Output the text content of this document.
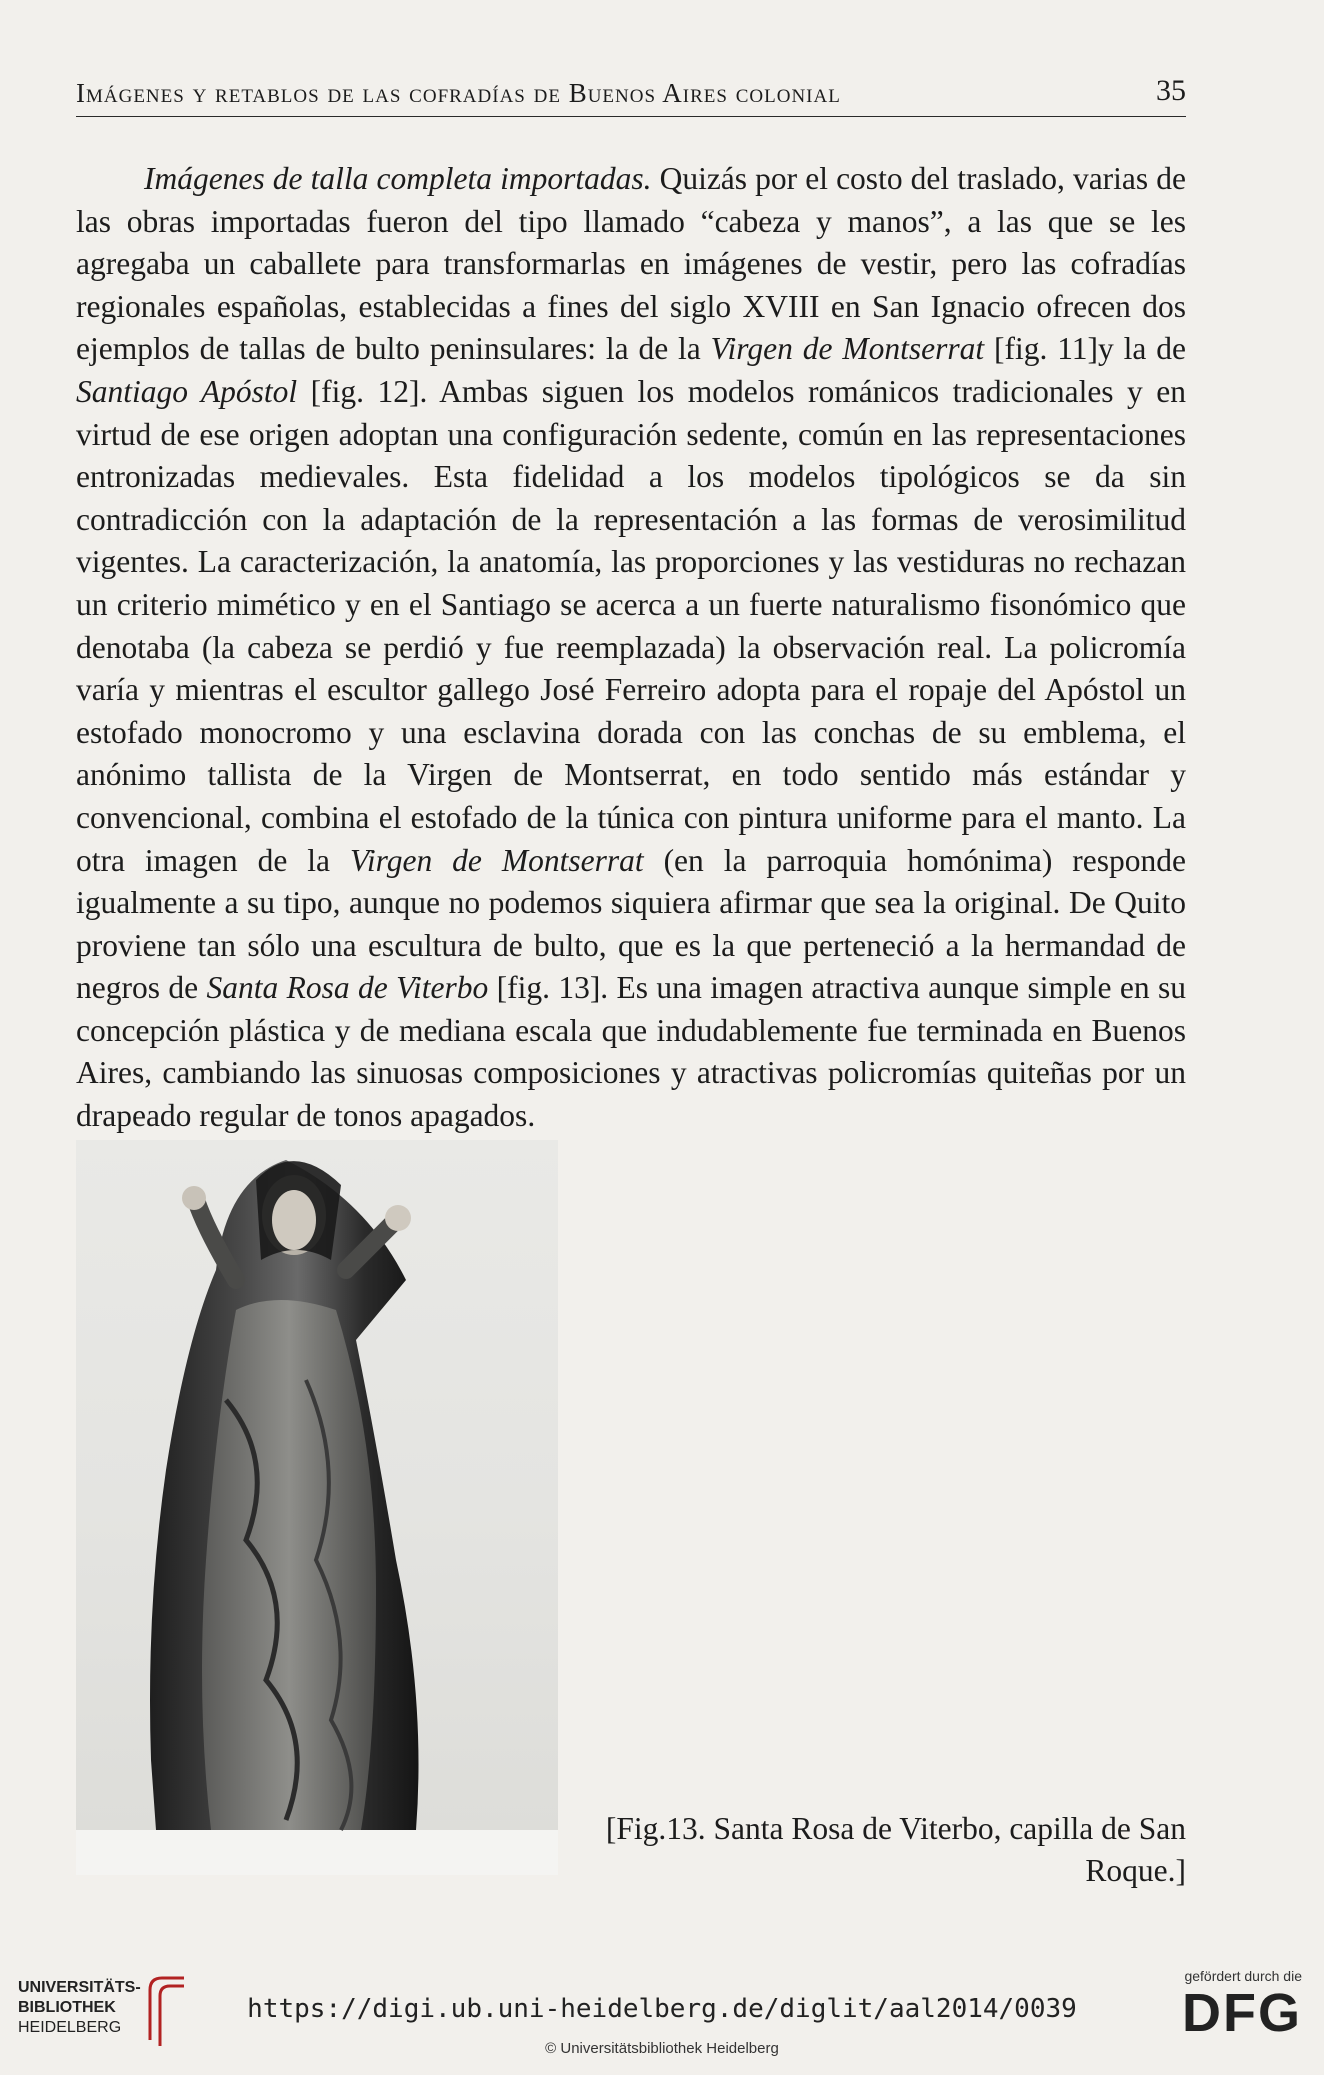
Imágenes y retablos de las cofradías de Buenos Aires colonial	35

Imágenes de talla completa importadas. Quizás por el costo del traslado, varias de las obras importadas fueron del tipo llamado “cabeza y manos”, a las que se les agregaba un caballete para transformarlas en imágenes de vestir, pero las cofradías regionales españolas, establecidas a fines del siglo XVIII en San Ignacio ofrecen dos ejemplos de tallas de bulto peninsulares: la de la Virgen de Montserrat [fig. 11]y la de Santiago Apóstol [fig. 12]. Ambas siguen los modelos románicos tradicionales y en virtud de ese origen adoptan una configuración sedente, común en las representaciones entronizadas medievales. Esta fidelidad a los modelos tipológicos se da sin contradicción con la adaptación de la representación a las formas de verosimilitud vigentes. La caracterización, la anatomía, las proporciones y las vestiduras no rechazan un criterio mimético y en el Santiago se acerca a un fuerte naturalismo fisonómico que denotaba (la cabeza se perdió y fue reemplazada) la observación real. La policromía varía y mientras el escultor gallego José Ferreiro adopta para el ropaje del Apóstol un estofado monocromo y una esclavina dorada con las conchas de su emblema, el anónimo tallista de la Virgen de Montserrat, en todo sentido más estándar y convencional, combina el estofado de la túnica con pintura uniforme para el manto. La otra imagen de la Virgen de Montserrat (en la parroquia homónima) responde igualmente a su tipo, aunque no podemos siquiera afirmar que sea la original. De Quito proviene tan sólo una escultura de bulto, que es la que perteneció a la hermandad de negros de Santa Rosa de Viterbo [fig. 13]. Es una imagen atractiva aunque simple en su concepción plástica y de mediana escala que indudablemente fue terminada en Buenos Aires, cambiando las sinuosas composiciones y atractivas policromías quiteñas por un drapeado regular de tonos apagados.

[Fig.13. Santa Rosa de Viterbo, capilla de San Roque.]
UNIVERSITÄTS-
BIBLIOTHEK
HEIDELBERG
https://digi.ub.uni-heidelberg.de/diglit/aal2014/0039
© Universitätsbibliothek Heidelberg
gefördert durch die
DFG
